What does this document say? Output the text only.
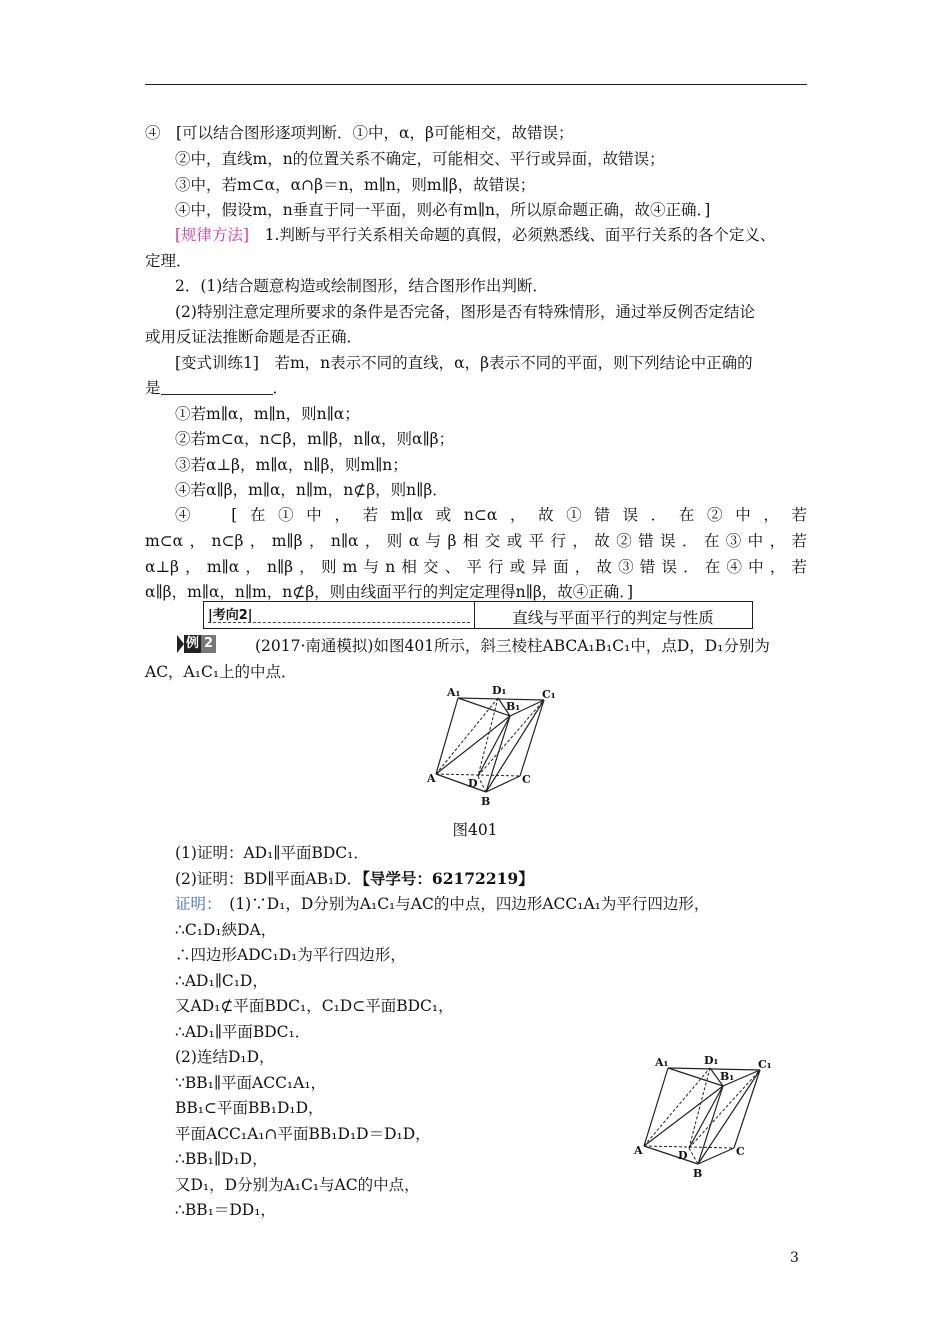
④　[可以结合图形逐项判断．①中，α，β可能相交，故错误；
②中，直线m，n的位置关系不确定，可能相交、平行或异面，故错误；
③中，若m⊂α，α∩β＝n，m∥n，则m∥β，故错误；
④中，假设m，n垂直于同一平面，则必有m∥n，所以原命题正确，故④正确．]
[规律方法]　1.判断与平行关系相关命题的真假，必须熟悉线、面平行关系的各个定义、
定理．
2．(1)结合题意构造或绘制图形，结合图形作出判断．
(2)特别注意定理所要求的条件是否完备，图形是否有特殊情形，通过举反例否定结论
或用反证法推断命题是否正确．
[变式训练1]　若m，n表示不同的直线，α，β表示不同的平面，则下列结论中正确的
是	．
①若m∥α，m∥n，则n∥α；
②若m⊂α，n⊂β，m∥β，n∥α，则α∥β；
③若α⊥β，m∥α，n∥β，则m∥n；
④若α∥β，m∥α，n∥m，n⊄β，则n∥β．
④　[在①中，若m∥α或n⊂α，故①错误．在②中，若
m⊂α，n⊂β，m∥β，n∥α，则α与β相交或平行，故②错误．在③中，若
α⊥β，m∥α，n∥β，则m与n相交、平行或异面，故③错误．在④中，若
α∥β，m∥α，n∥m，n⊄β，则由线面平行的判定定理得n∥β，故④正确．]
|考向2|	直线与平面平行的判定与性质
例 2	(2017·南通模拟)如图401所示，斜三棱柱ABCA₁B₁C₁中，点D，D₁分别为
AC，A₁C₁上的中点．
A₁	D₁
B₁
C₁
A	D	C
B
图401
(1)证明：AD₁∥平面BDC₁．
(2)证明：BD∥平面AB₁D．【导学号：62172219】
证明：　(1)∵D₁，D分别为A₁C₁与AC的中点，四边形ACC₁A₁为平行四边形，
∴C₁D₁綊DA，
∴四边形ADC₁D₁为平行四边形，
∴AD₁∥C₁D，
又AD₁⊄平面BDC₁，C₁D⊂平面BDC₁，
∴AD₁∥平面BDC₁．
(2)连结D₁D，
∵BB₁∥平面ACC₁A₁，
BB₁⊂平面BB₁D₁D，
平面ACC₁A₁∩平面BB₁D₁D＝D₁D，
∴BB₁∥D₁D，
又D₁，D分别为A₁C₁与AC的中点，
∴BB₁＝DD₁，
A₁	D₁
B₁
C₁
A	D	C
B
3
